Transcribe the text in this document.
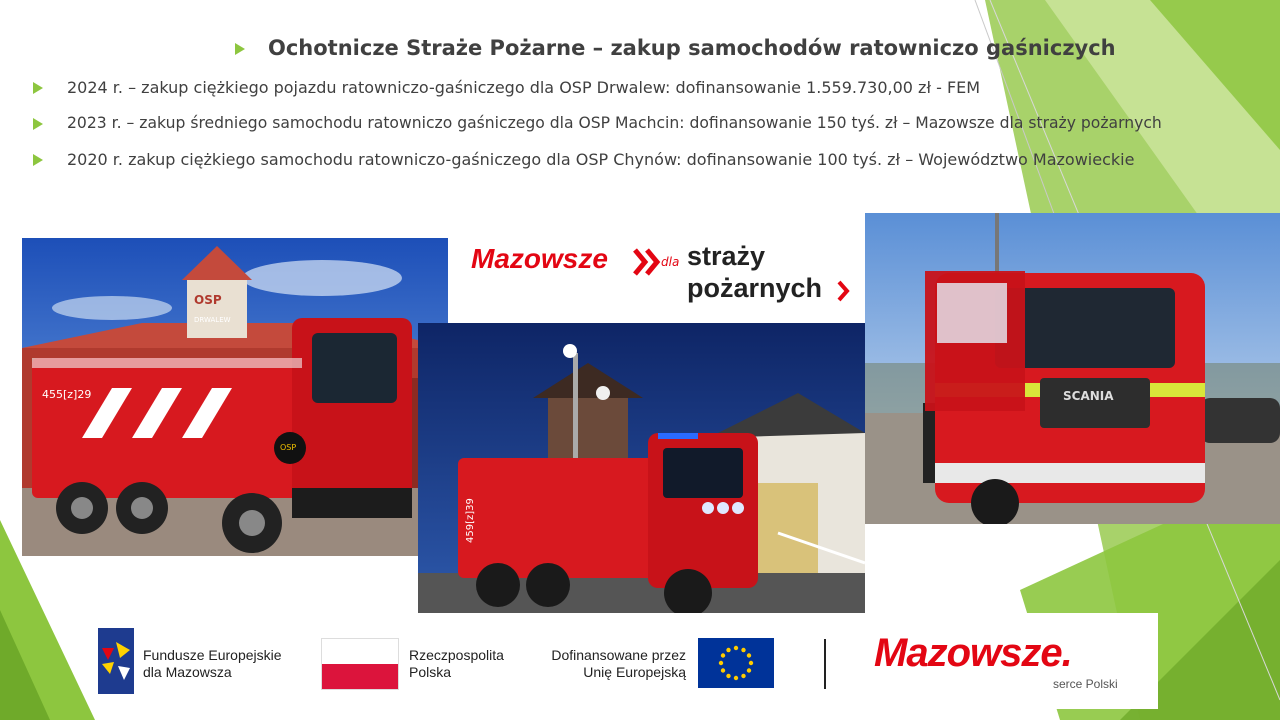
Ochotnicze Straże Pożarne – zakup samochodów ratowniczo gaśniczych
2024 r. – zakup ciężkiego pojazdu ratowniczo-gaśniczego dla OSP Drwalew: dofinansowanie 1.559.730,00 zł - FEM
2023 r. – zakup średniego samochodu ratowniczo gaśniczego dla OSP Machcin: dofinansowanie 150 tyś. zł – Mazowsze dla straży pożarnych
2020 r. zakup ciężkiego samochodu ratowniczo-gaśniczego dla OSP Chynów: dofinansowanie 100 tyś. zł – Województwo Mazowieckie
OSP
DRWALEW
455[z]29
OSP
Mazowsze	dla straży
pożarnych
459[z]39
SCANIA
Fundusze Europejskie
dla Mazowsza
Rzeczpospolita
Polska
Dofinansowane przez
Unię Europejską	Mazowsze.
serce Polski
